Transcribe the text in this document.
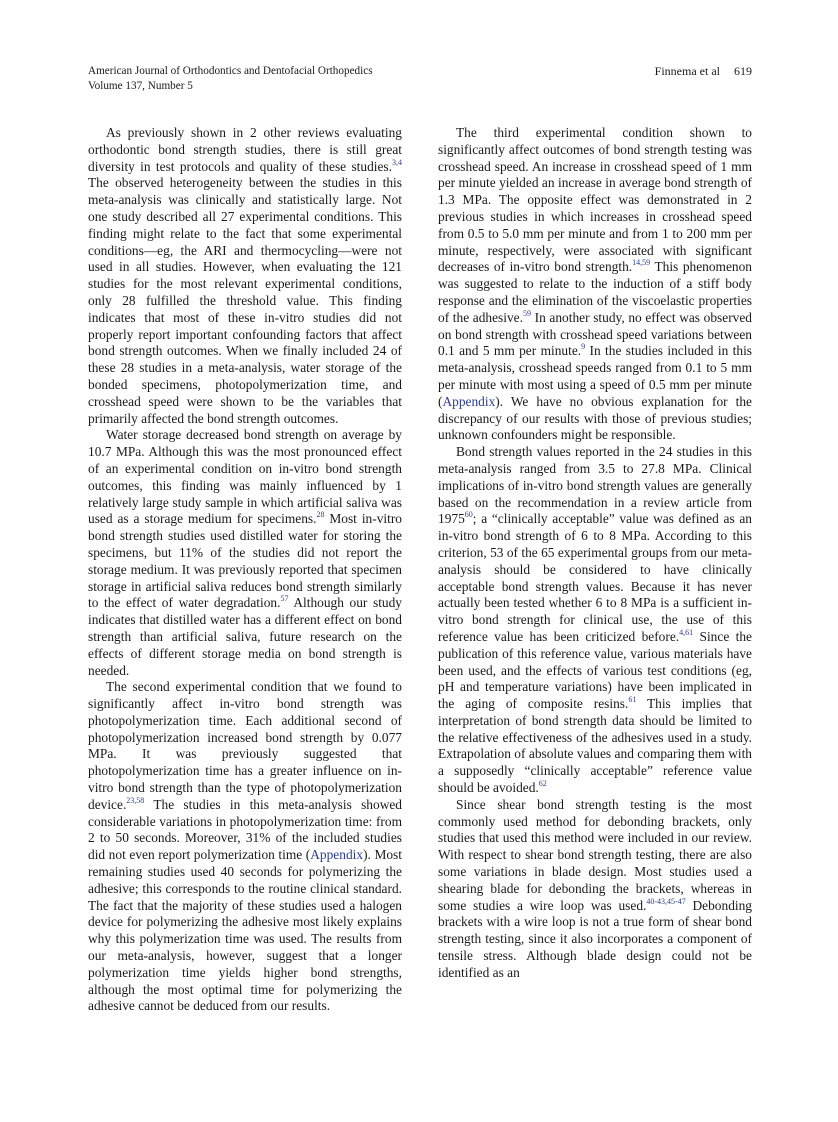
American Journal of Orthodontics and Dentofacial Orthopedics
Volume 137, Number 5
Finnema et al 619

As previously shown in 2 other reviews evaluating orthodontic bond strength studies, there is still great diversity in test protocols and quality of these studies.$^{3,4}$ The observed heterogeneity between the studies in this meta-analysis was clinically and statistically large. Not one study described all 27 experimental conditions. This finding might relate to the fact that some experimental conditions—eg, the ARI and thermocycling—were not used in all studies. However, when evaluating the 121 studies for the most relevant experimental conditions, only 28 fulfilled the threshold value. This finding indicates that most of these in-vitro studies did not properly report important confounding factors that affect bond strength outcomes. When we finally included 24 of these 28 studies in a meta-analysis, water storage of the bonded specimens, photopolymerization time, and crosshead speed were shown to be the variables that primarily affected the bond strength outcomes.

Water storage decreased bond strength on average by 10.7 MPa. Although this was the most pronounced effect of an experimental condition on in-vitro bond strength outcomes, this finding was mainly influenced by 1 relatively large study sample in which artificial saliva was used as a storage medium for specimens.$^{28}$ Most in-vitro bond strength studies used distilled water for storing the specimens, but 11% of the studies did not report the storage medium. It was previously reported that specimen storage in artificial saliva reduces bond strength similarly to the effect of water degradation.$^{57}$ Although our study indicates that distilled water has a different effect on bond strength than artificial saliva, future research on the effects of different storage media on bond strength is needed.

The second experimental condition that we found to significantly affect in-vitro bond strength was photopolymerization time. Each additional second of photopolymerization increased bond strength by 0.077 MPa. It was previously suggested that photopolymerization time has a greater influence on in-vitro bond strength than the type of photopolymerization device.$^{23,58}$ The studies in this meta-analysis showed considerable variations in photopolymerization time: from 2 to 50 seconds. Moreover, 31% of the included studies did not even report polymerization time (Appendix). Most remaining studies used 40 seconds for polymerizing the adhesive; this corresponds to the routine clinical standard. The fact that the majority of these studies used a halogen device for polymerizing the adhesive most likely explains why this polymerization time was used. The results from our meta-analysis, however, suggest that a longer polymerization time yields higher bond strengths, although the most optimal time for polymerizing the adhesive cannot be deduced from our results.

The third experimental condition shown to significantly affect outcomes of bond strength testing was crosshead speed. An increase in crosshead speed of 1 mm per minute yielded an increase in average bond strength of 1.3 MPa. The opposite effect was demonstrated in 2 previous studies in which increases in crosshead speed from 0.5 to 5.0 mm per minute and from 1 to 200 mm per minute, respectively, were associated with significant decreases of in-vitro bond strength.$^{14,59}$ This phenomenon was suggested to relate to the induction of a stiff body response and the elimination of the viscoelastic properties of the adhesive.$^{59}$ In another study, no effect was observed on bond strength with crosshead speed variations between 0.1 and 5 mm per minute.$^9$ In the studies included in this meta-analysis, crosshead speeds ranged from 0.1 to 5 mm per minute with most using a speed of 0.5 mm per minute (Appendix). We have no obvious explanation for the discrepancy of our results with those of previous studies; unknown confounders might be responsible.

Bond strength values reported in the 24 studies in this meta-analysis ranged from 3.5 to 27.8 MPa. Clinical implications of in-vitro bond strength values are generally based on the recommendation in a review article from 1975$^{60}$; a “clinically acceptable” value was defined as an in-vitro bond strength of 6 to 8 MPa. According to this criterion, 53 of the 65 experimental groups from our meta-analysis should be considered to have clinically acceptable bond strength values. Because it has never actually been tested whether 6 to 8 MPa is a sufficient in-vitro bond strength for clinical use, the use of this reference value has been criticized before.$^{4,61}$ Since the publication of this reference value, various materials have been used, and the effects of various test conditions (eg, pH and temperature variations) have been implicated in the aging of composite resins.$^{61}$ This implies that interpretation of bond strength data should be limited to the relative effectiveness of the adhesives used in a study. Extrapolation of absolute values and comparing them with a supposedly “clinically acceptable” reference value should be avoided.$^{62}$

Since shear bond strength testing is the most commonly used method for debonding brackets, only studies that used this method were included in our review. With respect to shear bond strength testing, there are also some variations in blade design. Most studies used a shearing blade for debonding the brackets, whereas in some studies a wire loop was used.$^{40-43,45-47}$ Debonding brackets with a wire loop is not a true form of shear bond strength testing, since it also incorporates a component of tensile stress. Although blade design could not be identified as an
